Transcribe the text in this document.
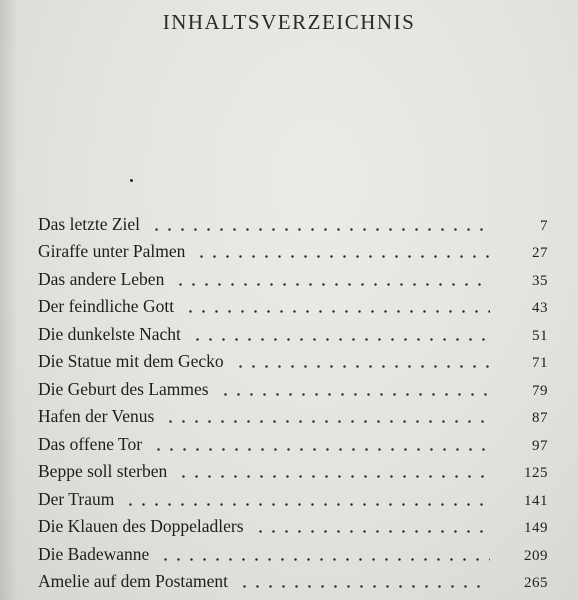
INHALTSVERZEICHNIS
Das letzte Ziel	7
Giraffe unter Palmen	27
Das andere Leben	35
Der feindliche Gott	43
Die dunkelste Nacht	51
Die Statue mit dem Gecko	71
Die Geburt des Lammes	79
Hafen der Venus	87
Das offene Tor	97
Beppe soll sterben	125
Der Traum	141
Die Klauen des Doppeladlers	149
Die Badewanne	209
Amelie auf dem Postament	265
